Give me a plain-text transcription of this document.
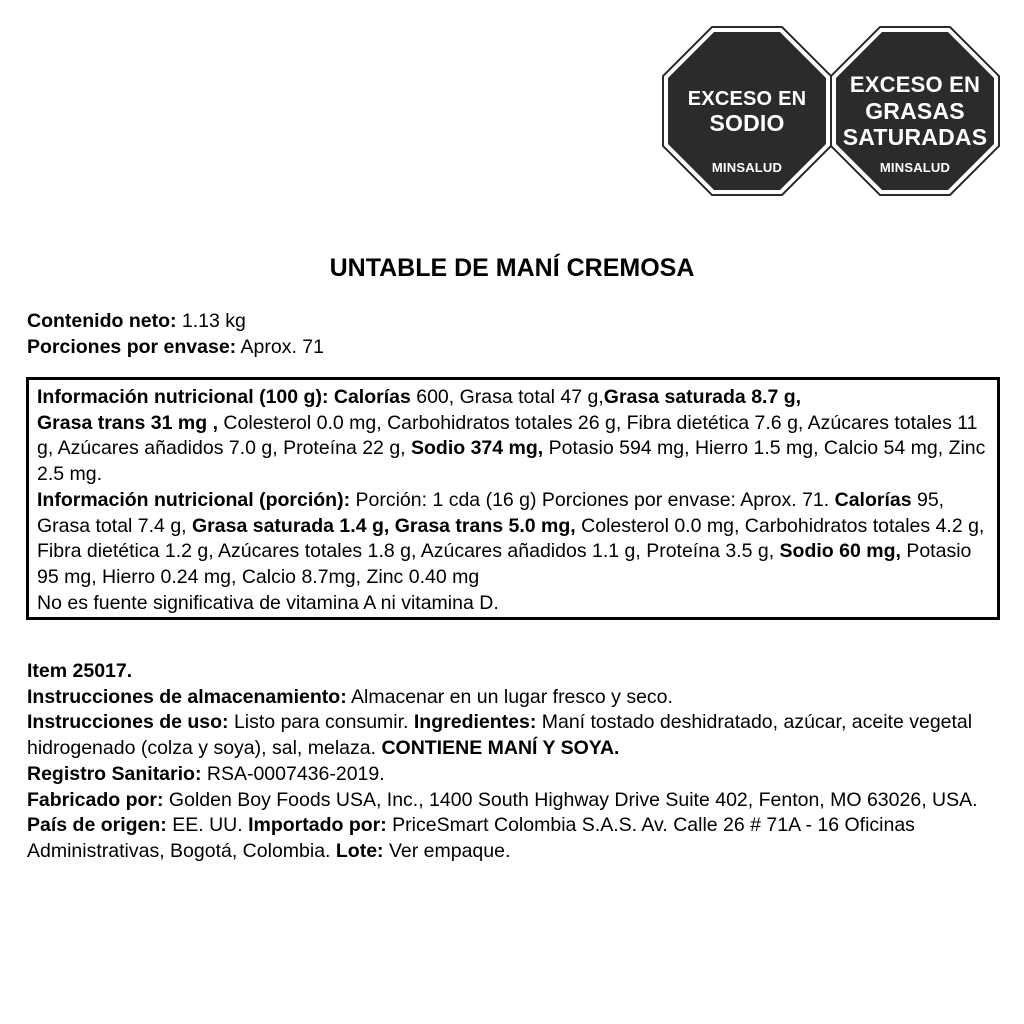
EXCESO EN
SODIO
MINSALUD
EXCESO EN
GRASAS
SATURADAS
MINSALUD
UNTABLE DE MANÍ CREMOSA
Contenido neto: 1.13 kg
Porciones por envase: Aprox. 71
Información nutricional (100 g): Calorías 600, Grasa total 47 g,Grasa saturada 8.7 g,
Grasa trans 31 mg , Colesterol 0.0 mg, Carbohidratos totales 26 g, Fibra dietética 7.6 g, Azúcares totales 11 g, Azúcares añadidos 7.0 g, Proteína 22 g, Sodio 374 mg, Potasio 594 mg, Hierro 1.5 mg, Calcio 54 mg, Zinc 2.5 mg.
Información nutricional (porción): Porción: 1 cda (16 g) Porciones por envase: Aprox. 71. Calorías 95, Grasa total 7.4 g, Grasa saturada 1.4 g, Grasa trans 5.0 mg, Colesterol 0.0 mg, Carbohidratos totales 4.2 g, Fibra dietética 1.2 g, Azúcares totales 1.8 g, Azúcares añadidos 1.1 g, Proteína 3.5 g, Sodio 60 mg, Potasio 95 mg, Hierro 0.24 mg, Calcio 8.7mg, Zinc 0.40 mg
No es fuente significativa de vitamina A ni vitamina D.
Item 25017.
Instrucciones de almacenamiento: Almacenar en un lugar fresco y seco.
Instrucciones de uso: Listo para consumir. Ingredientes: Maní tostado deshidratado, azúcar, aceite vegetal hidrogenado (colza y soya), sal, melaza. CONTIENE MANÍ Y SOYA.
Registro Sanitario: RSA-0007436-2019.
Fabricado por: Golden Boy Foods USA, Inc., 1400 South Highway Drive Suite 402, Fenton, MO 63026, USA. País de origen: EE. UU. Importado por: PriceSmart Colombia S.A.S. Av. Calle 26 # 71A - 16 Oficinas Administrativas, Bogotá, Colombia. Lote: Ver empaque.
